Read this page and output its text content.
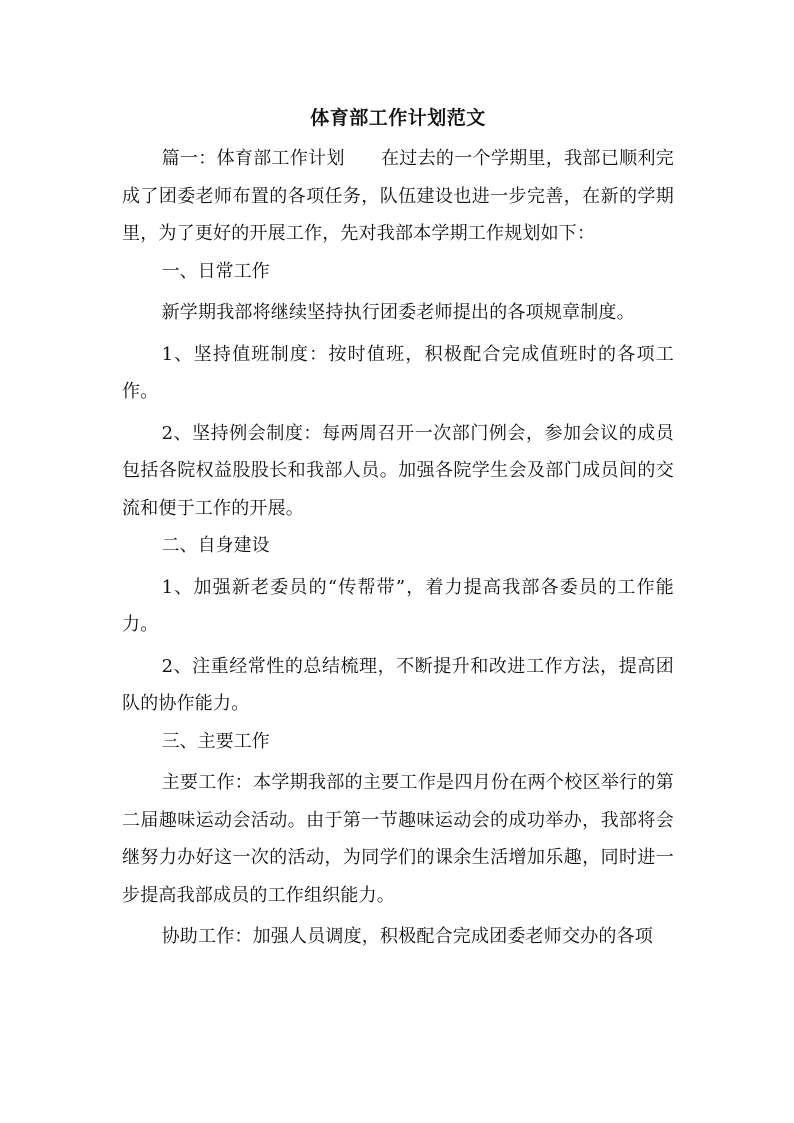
体育部工作计划范文

篇一：体育部工作计划 在过去的一个学期里，我部已顺利完成了团委老师布置的各项任务，队伍建设也进一步完善，在新的学期里，为了更好的开展工作，先对我部本学期工作规划如下：

一、日常工作

新学期我部将继续坚持执行团委老师提出的各项规章制度。

1、坚持值班制度：按时值班，积极配合完成值班时的各项工作。

2、坚持例会制度：每两周召开一次部门例会，参加会议的成员包括各院权益股股长和我部人员。加强各院学生会及部门成员间的交流和便于工作的开展。

二、自身建设

1、加强新老委员的“传帮带”，着力提高我部各委员的工作能力。

2、注重经常性的总结梳理，不断提升和改进工作方法，提高团队的协作能力。

三、主要工作

主要工作：本学期我部的主要工作是四月份在两个校区举行的第二届趣味运动会活动。由于第一节趣味运动会的成功举办，我部将会继努力办好这一次的活动，为同学们的课余生活增加乐趣，同时进一步提高我部成员的工作组织能力。

协助工作：加强人员调度，积极配合完成团委老师交办的各项
